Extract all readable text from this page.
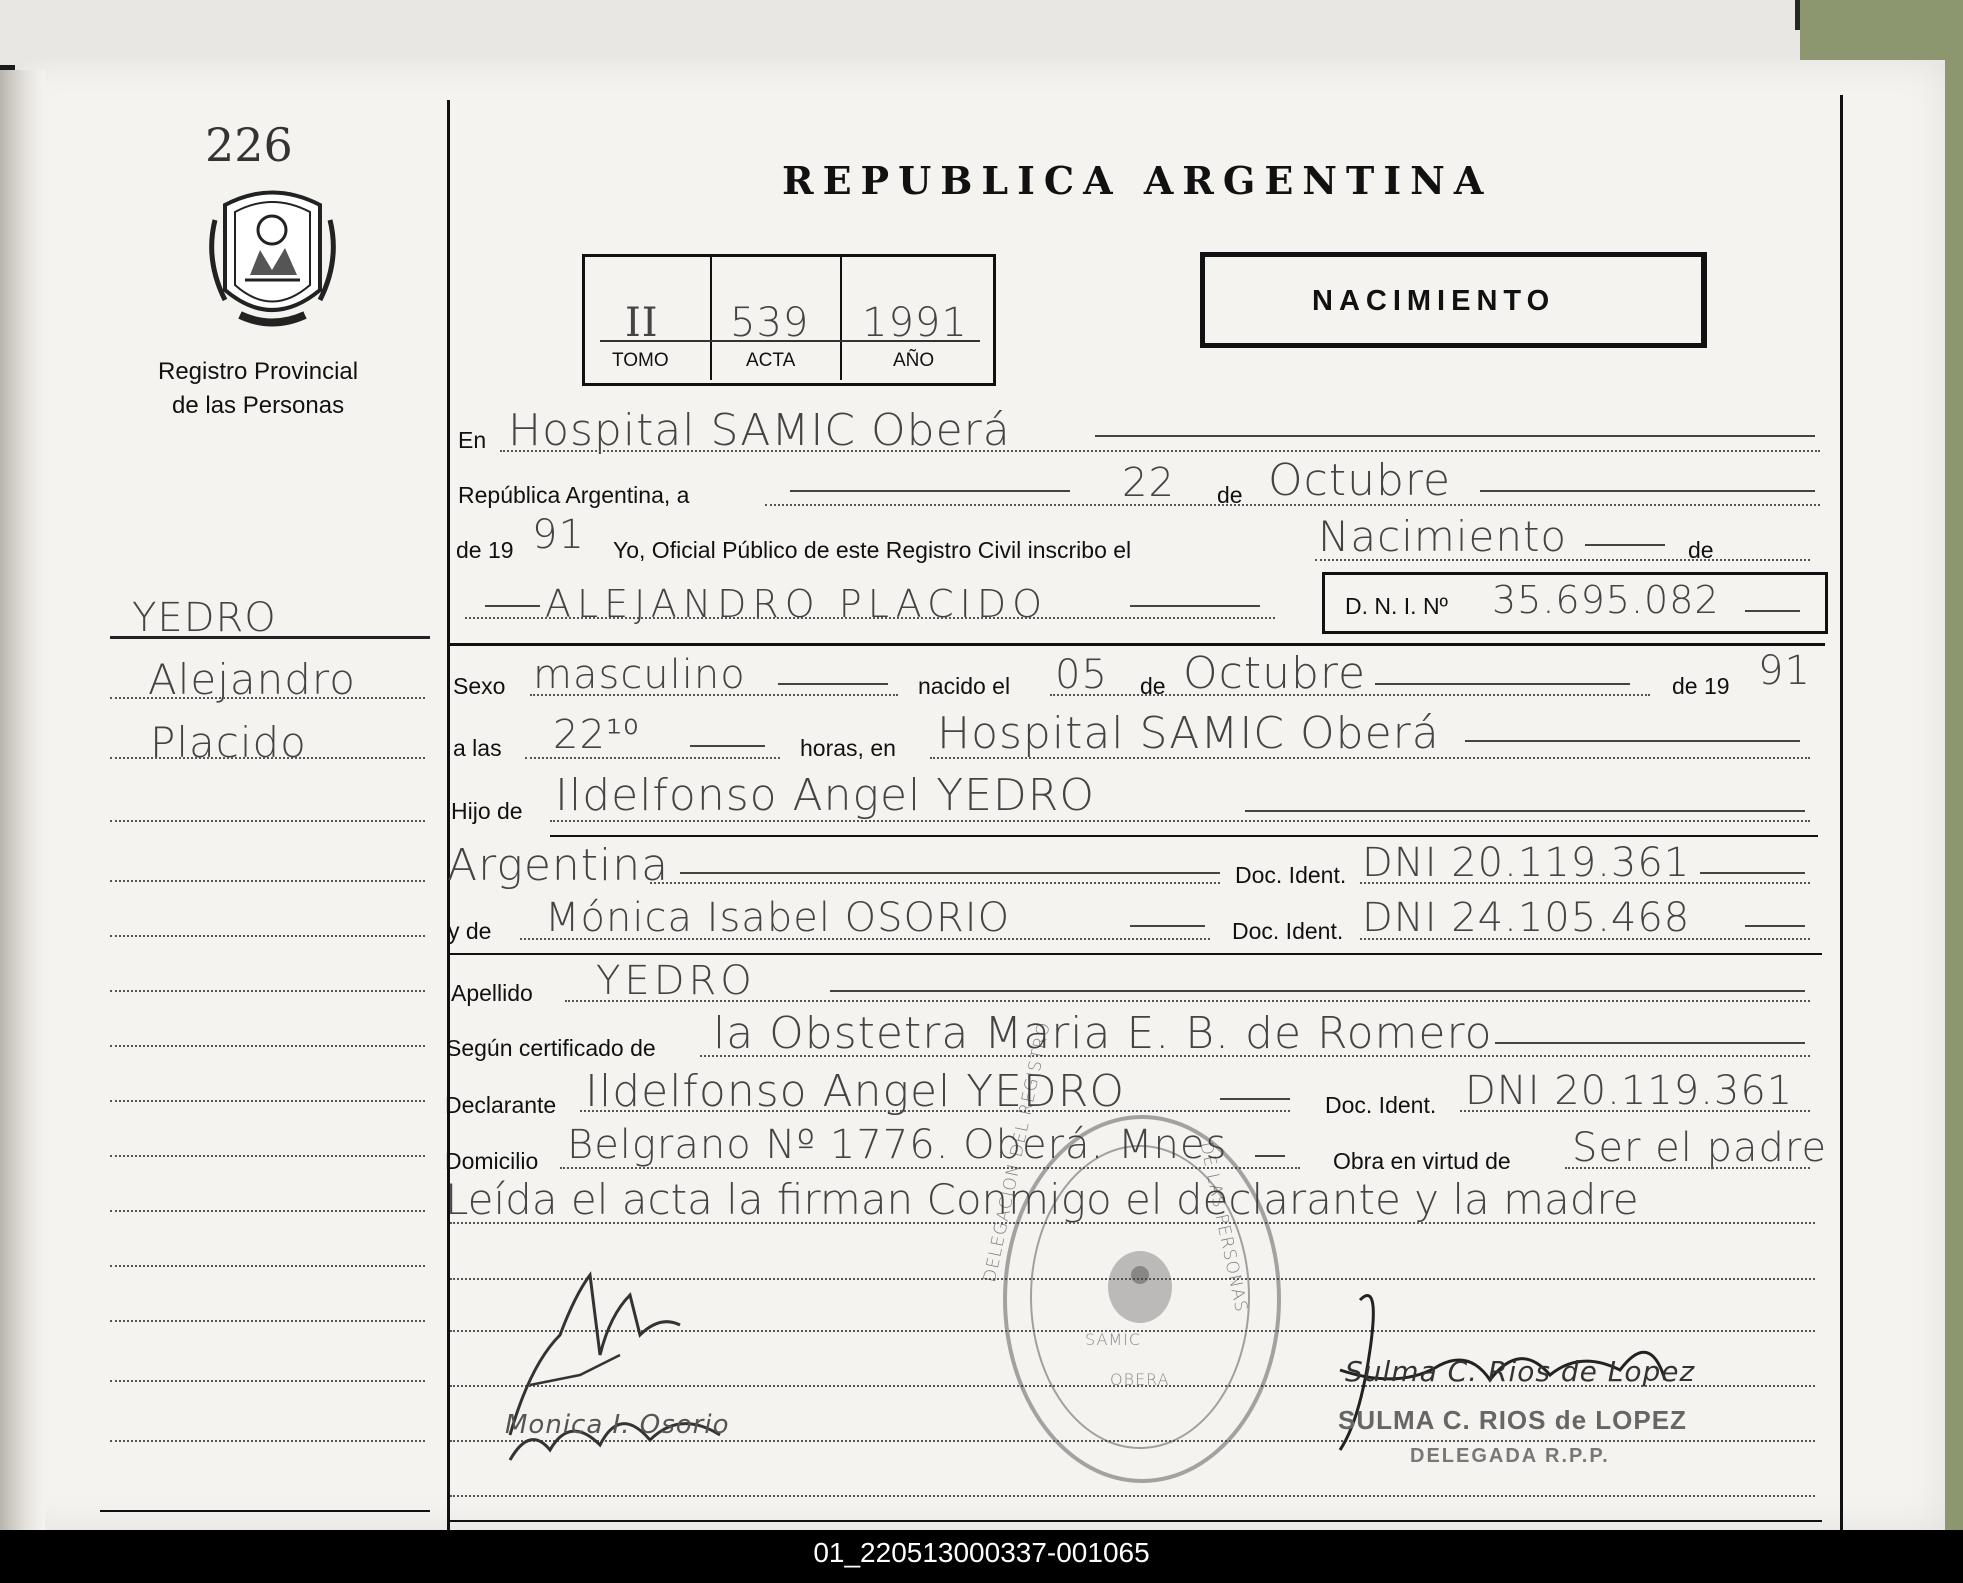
226
Registro Provincial
de las Personas
REPUBLICA ARGENTINA
II 539 1991
TOMO	ACTA	AÑO
NACIMIENTO
YEDRO
Alejandro
Placido
En Hospital SAMIC Oberá
República Argentina, a	22 de Octubre
de 19 91 Yo, Oficial Público de este Registro Civil inscribo el	Nacimiento	de
ALEJANDRO PLACIDO	D. N. I. Nº 35.695.082
Sexo masculino	nacido el 05 de Octubre	de 19 91
a las 22¹⁰	horas, en Hospital SAMIC Oberá
Hijo de Ildelfonso Angel YEDRO
Argentina	Doc. Ident. DNI 20.119.361
y de Mónica Isabel OSORIO	Doc. Ident. DNI 24.105.468
Apellido YEDRO
Según certificado de la Obstetra Maria E. B. de Romero
Declarante Ildelfonso Angel YEDRO	Doc. Ident. DNI 20.119.361
Domicilio Belgrano Nº 1776. Oberá. Mnes	Obra en virtud de Ser el padre
Leída el acta la firman Conmigo el declarante y la madre
DELEGACION DEL REGISTRO	DE LAS PERSONAS
SAMIC
OBERA
Monica I. Osorio
Sulma C. Rios de Lopez
SULMA C. RIOS de LOPEZ
DELEGADA R.P.P.
01_220513000337-001065
